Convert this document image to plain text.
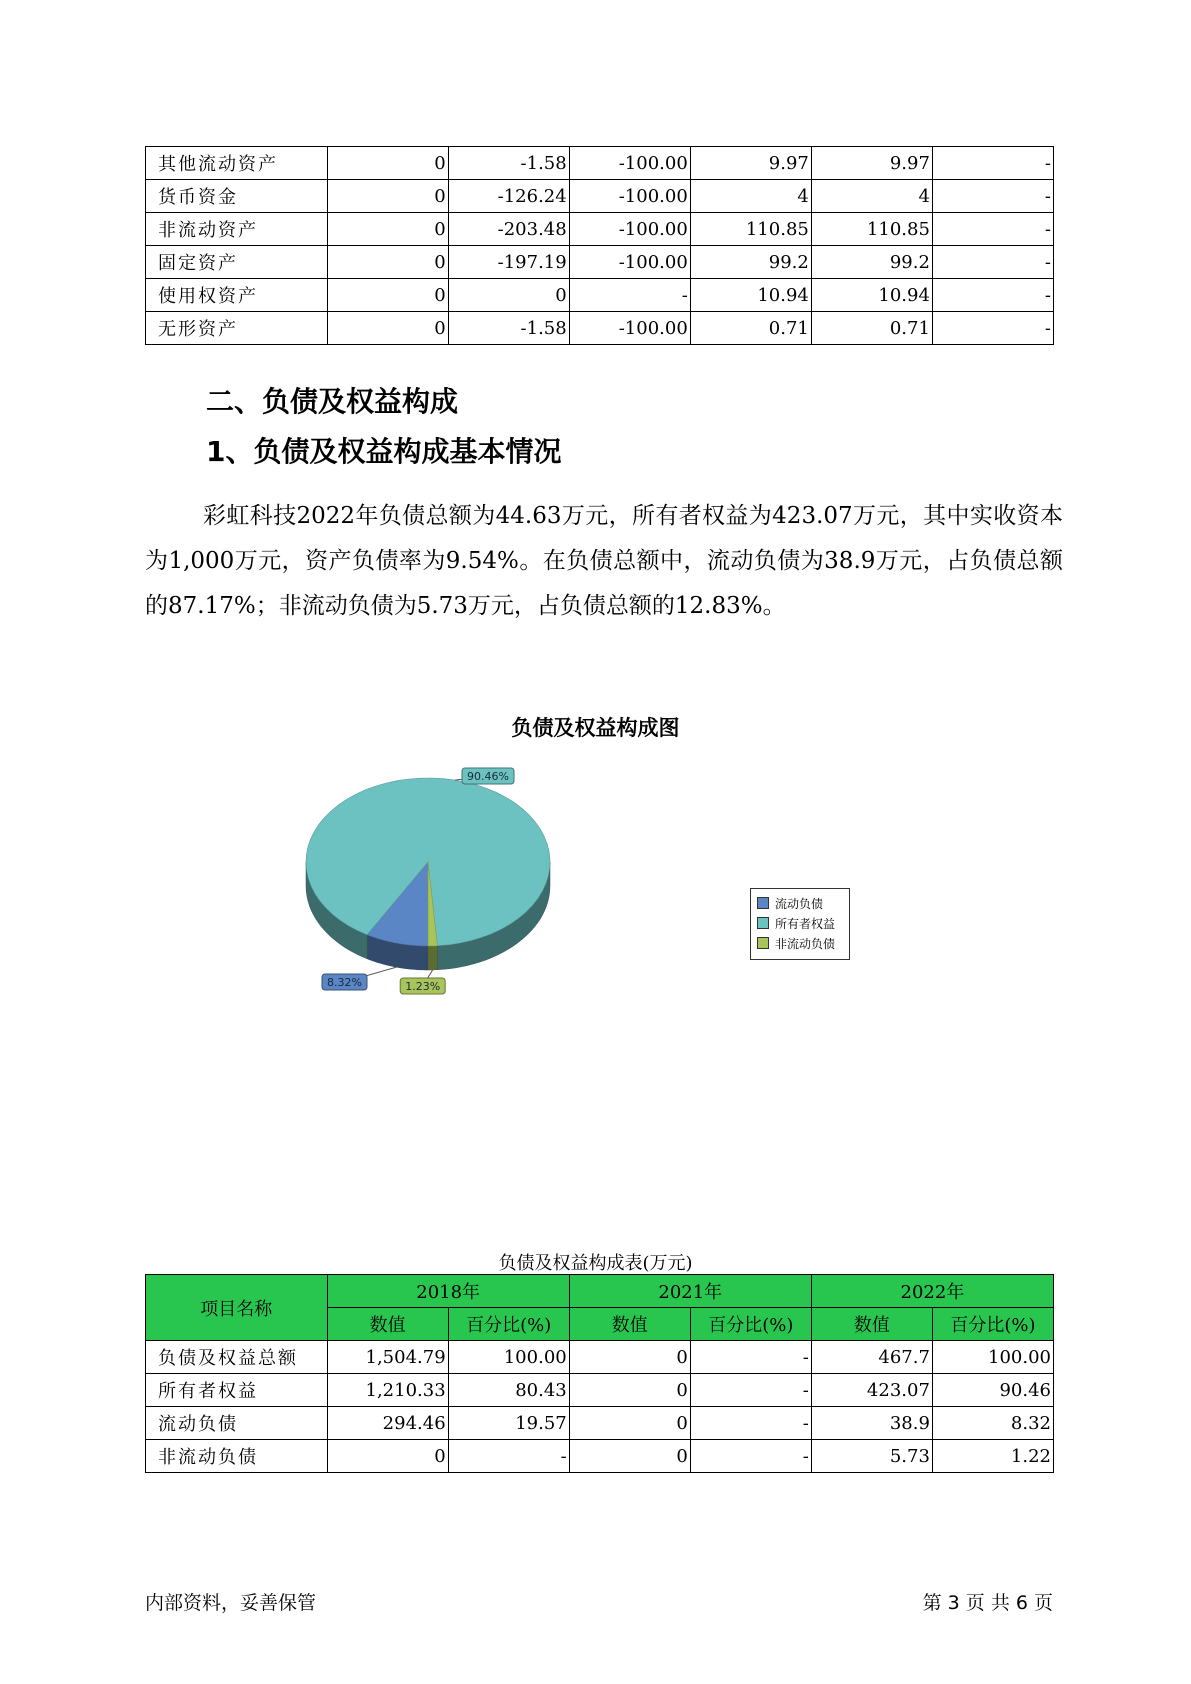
其他流动资产	0	-1.58	-100.00	9.97	9.97	-
货币资金	0	-126.24	-100.00	4	4	-
非流动资产	0	-203.48	-100.00	110.85	110.85	-
固定资产	0	-197.19	-100.00	99.2	99.2	-
使用权资产	0	0	-	10.94	10.94	-
无形资产	0	-1.58	-100.00	0.71	0.71	-
二、负债及权益构成
1、负债及权益构成基本情况

彩虹科技2022年负债总额为44.63万元，所有者权益为423.07万元，其中实收资本为1,000万元，资产负债率为9.54%。在负债总额中，流动负债为38.9万元，占负债总额的87.17%；非流动负债为5.73万元，占负债总额的12.83%。

负债及权益构成图
8.32%
90.46%
1.23%
流动负债
所有者权益
非流动负债
负债及权益构成表(万元)
项目名称	2018年		2021年		2022年	
	数值	百分比(%)	数值	百分比(%)	数值	百分比(%)
负债及权益总额	1,504.79	100.00	0	-	467.7	100.00
所有者权益	1,210.33	80.43	0	-	423.07	90.46
流动负债	294.46	19.57	0	-	38.9	8.32
非流动负债	0	-	0	-	5.73	1.22
内部资料，妥善保管	第 3 页 共 6 页
